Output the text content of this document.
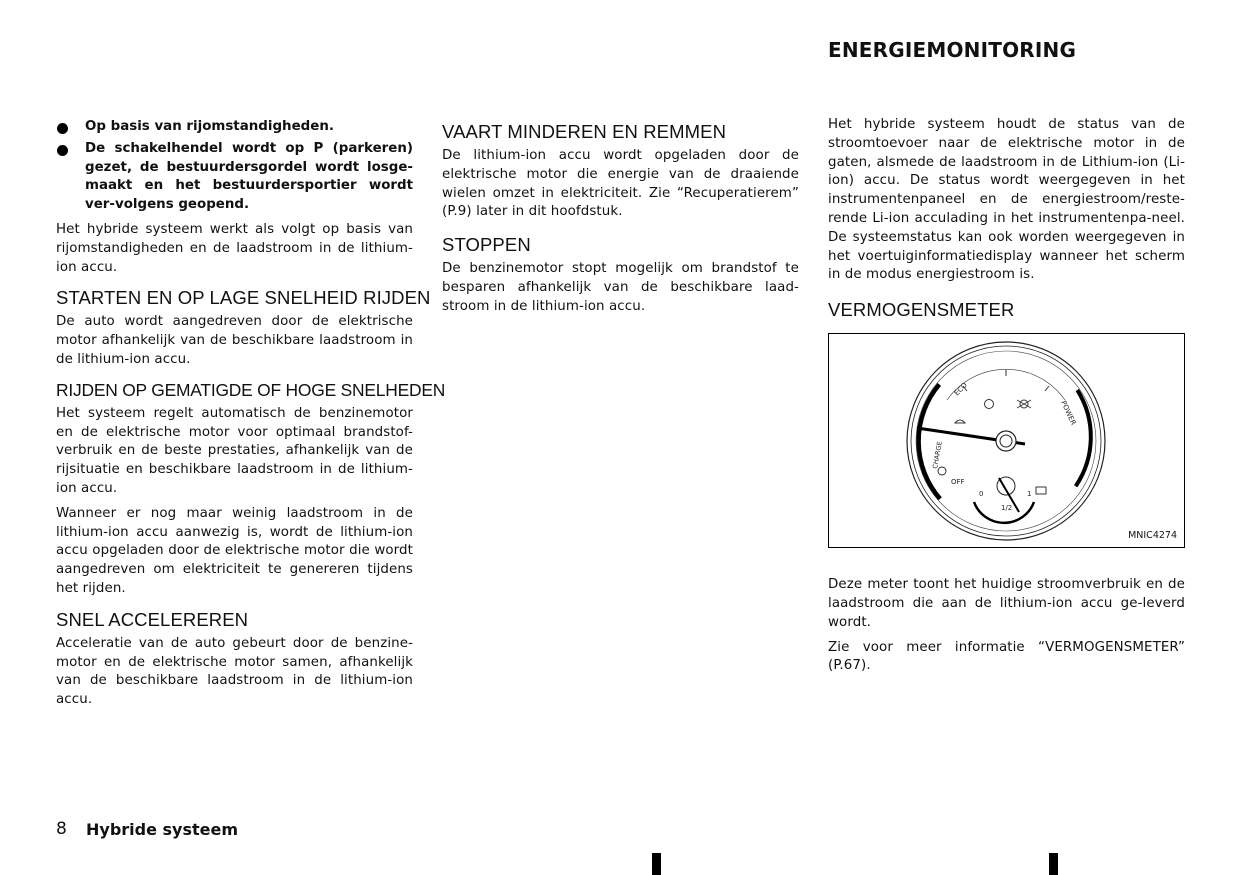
ENERGIEMONITORING
Op basis van rijomstandigheden.
De schakelhendel wordt op P (parkeren) gezet, de bestuurdersgordel wordt losge-maakt en het bestuurdersportier wordt ver-volgens geopend.

Het hybride systeem werkt als volgt op basis van rijomstandigheden en de laadstroom in de lithium-ion accu.

STARTEN EN OP LAGE SNELHEID RIJDEN

De auto wordt aangedreven door de elektrische motor afhankelijk van de beschikbare laadstroom in de lithium-ion accu.

RIJDEN OP GEMATIGDE OF HOGE SNELHEDEN

Het systeem regelt automatisch de benzinemotor en de elektrische motor voor optimaal brandstof-verbruik en de beste prestaties, afhankelijk van de rijsituatie en beschikbare laadstroom in de lithium-ion accu.

Wanneer er nog maar weinig laadstroom in de lithium-ion accu aanwezig is, wordt de lithium-ion accu opgeladen door de elektrische motor die wordt aangedreven om elektriciteit te genereren tijdens het rijden.

SNEL ACCELEREREN

Acceleratie van de auto gebeurt door de benzine-motor en de elektrische motor samen, afhankelijk van de beschikbare laadstroom in de lithium-ion accu.

VAART MINDEREN EN REMMEN

De lithium-ion accu wordt opgeladen door de elektrische motor die energie van de draaiende wielen omzet in elektriciteit. Zie “Recuperatierem” (P.9) later in dit hoofdstuk.

STOPPEN

De benzinemotor stopt mogelijk om brandstof te besparen afhankelijk van de beschikbare laad-stroom in de lithium-ion accu.

Het hybride systeem houdt de status van de stroomtoevoer naar de elektrische motor in de gaten, alsmede de laadstroom in de Lithium-ion (Li-ion) accu. De status wordt weergegeven in het instrumentenpaneel en de energiestroom/reste-rende Li-ion acculading in het instrumentenpa-neel. De systeemstatus kan ook worden weergegeven in het voertuiginformatiedisplay wanneer het scherm in de modus energiestroom is.

VERMOGENSMETER
ECO
POWER
CHARGE
OFF
0
1/2
1
MNIC4274

Deze meter toont het huidige stroomverbruik en de laadstroom die aan de lithium-ion accu ge-leverd wordt.

Zie voor meer informatie “VERMOGENSMETER” (P.67).

8 Hybride systeem
